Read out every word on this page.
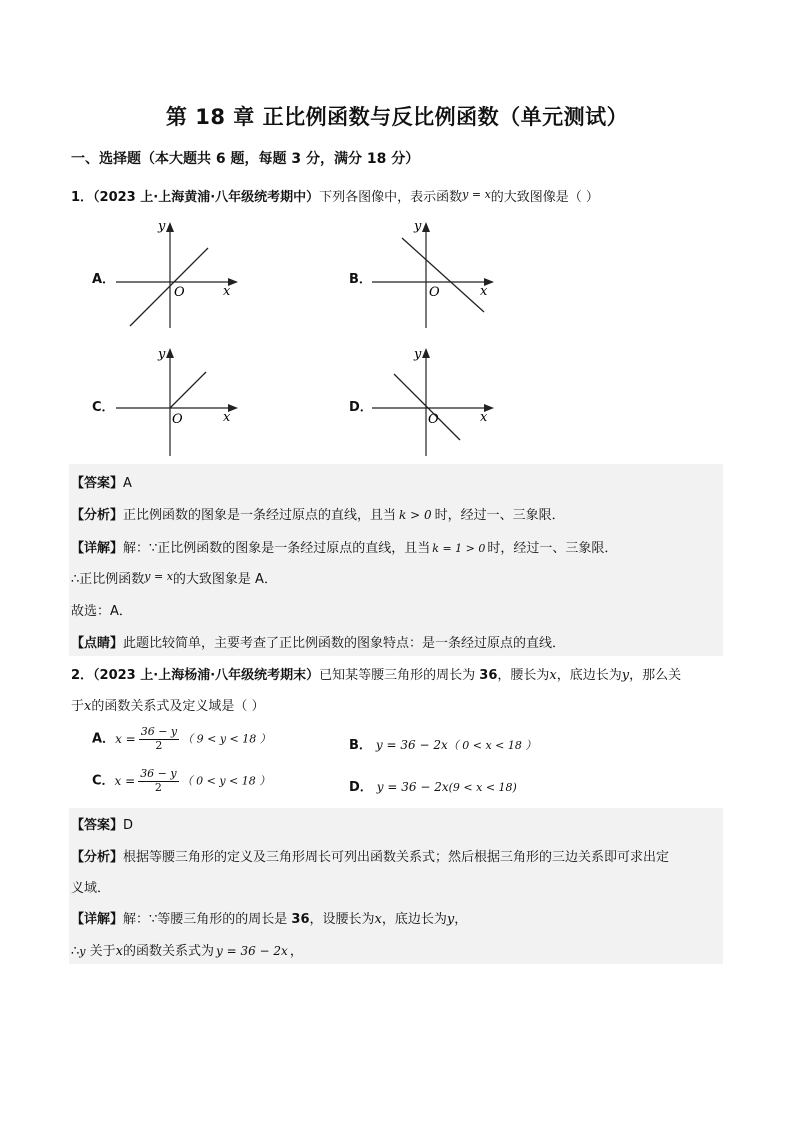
第 18 章 正比例函数与反比例函数（单元测试）
一、选择题（本大题共 6 题，每题 3 分，满分 18 分）
1．（2023 上·上海黄浦·八年级统考期中）下列各图像中，表示函数$^{y = x}$的大致图像是（ ）
A．
y
x
O
B．
y
x
O
C．
y
x
O
D．
y
x
O
【答案】A
【分析】正比例函数的图象是一条经过原点的直线，且当 k > 0 时，经过一、三象限．
【详解】解：∵正比例函数的图象是一条经过原点的直线，且当 k = 1 > 0 时，经过一、三象限．
∴正比例函数$^{y = x}$的大致图象是 A．
故选：A．
【点睛】此题比较简单，主要考查了正比例函数的图象特点：是一条经过原点的直线．
2．（2023 上·上海杨浦·八年级统考期末）已知某等腰三角形的周长为 36，腰长为x，底边长为y，那么关
于x的函数关系式及定义域是（ ）
A．$x = \frac{36 - y}{2}$ （ 9 < y < 18 ）	B． y = 36 − 2x（ 0 < x < 18 ）
C．$x = \frac{36 - y}{2}$ （ 0 < y < 18 ）	D． y = 36 − 2x(9 < x < 18)
【答案】D
【分析】根据等腰三角形的定义及三角形周长可列出函数关系式；然后根据三角形的三边关系即可求出定
义域．
【详解】解：∵等腰三角形的的周长是 36，设腰长为x，底边长为y，
∴y 关于x的函数关系式为 y = 36 − 2x ，
